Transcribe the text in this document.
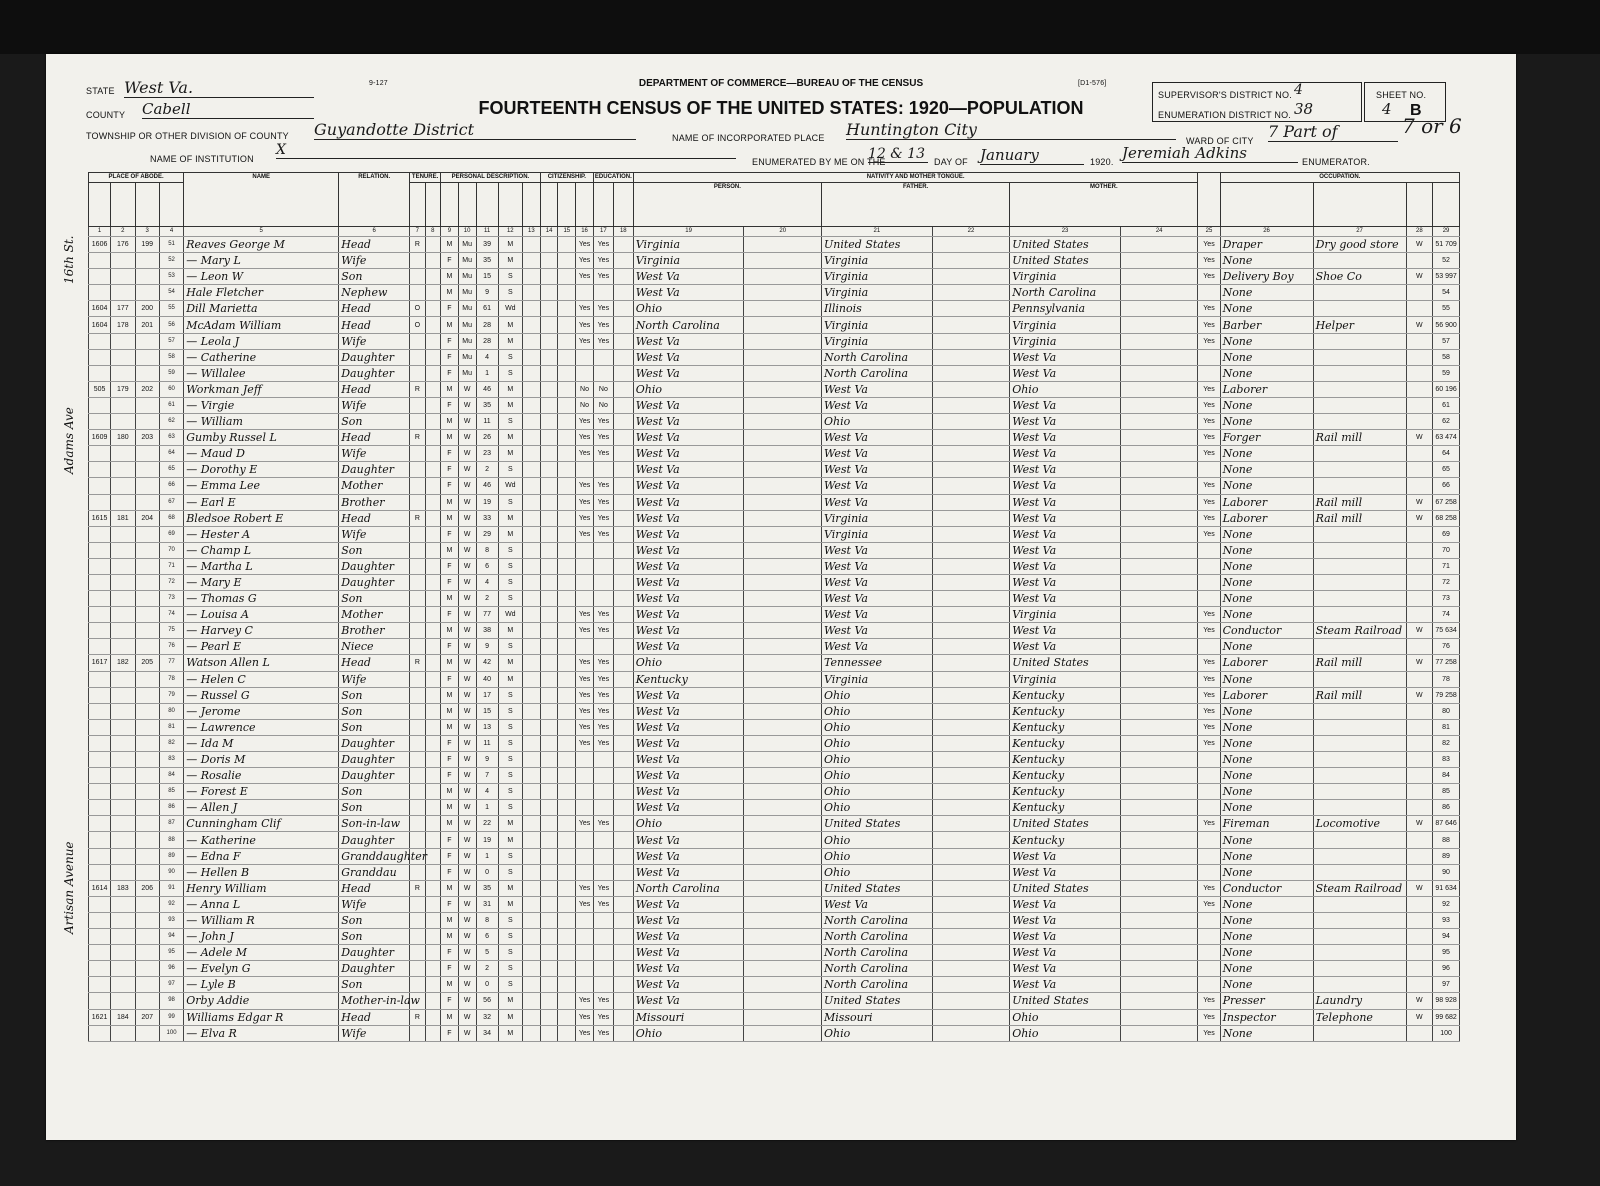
9-127	DEPARTMENT OF COMMERCE—BUREAU OF THE CENSUS	[D1-576]
FOURTEENTH CENSUS OF THE UNITED STATES: 1920—POPULATION
STATE West Va.
COUNTY Cabell
TOWNSHIP OR OTHER DIVISION OF COUNTY Guyandotte District
NAME OF INSTITUTION
X
NAME OF INCORPORATED PLACE Huntington City
ENUMERATED BY ME ON THE
12 & 13	DAY OF January	1920. Jeremiah Adkins	ENUMERATOR.
WARD OF CITY 7 Part of	7 or 6
SUPERVISOR'S DISTRICT NO. 4
ENUMERATION DISTRICT NO. 38
SHEET NO.
4 B
16th St.
Adams Ave
Artisan Avenue
PLACE OF ABODE.				NAME	RELATION.	TENURE.		PERSONAL DESCRIPTION.					CITIZENSHIP.			EDUCATION.		NATIVITY AND MOTHER TONGUE.							OCCUPATION.			
																		PERSON.		FATHER.		MOTHER.						
1	2	3	4	5	6	7	8	9	10	11	12	13	14	15	16	17	18	19	20	21	22	23	24	25	26	27	28	29
1606	176	199	51	Reaves George M	Head	R		M	Mu	39	M				Yes	Yes		Virginia		United States		United States		Yes	Draper	Dry good store	W	51 709
			52	— Mary L	Wife			F	Mu	35	M				Yes	Yes		Virginia		Virginia		United States		Yes	None			52
			53	— Leon W	Son			M	Mu	15	S				Yes	Yes		West Va		Virginia		Virginia		Yes	Delivery Boy	Shoe Co	W	53 997
			54	Hale Fletcher	Nephew			M	Mu	9	S							West Va		Virginia		North Carolina			None			54
1604	177	200	55	Dill Marietta	Head	O		F	Mu	61	Wd				Yes	Yes		Ohio		Illinois		Pennsylvania		Yes	None			55
1604	178	201	56	McAdam William	Head	O		M	Mu	28	M				Yes	Yes		North Carolina		Virginia		Virginia		Yes	Barber	Helper	W	56 900
			57	— Leola J	Wife			F	Mu	28	M				Yes	Yes		West Va		Virginia		Virginia		Yes	None			57
			58	— Catherine	Daughter			F	Mu	4	S							West Va		North Carolina		West Va			None			58
			59	— Willalee	Daughter			F	Mu	1	S							West Va		North Carolina		West Va			None			59
505	179	202	60	Workman Jeff	Head	R		M	W	46	M				No	No		Ohio		West Va		Ohio		Yes	Laborer			60 196
			61	— Virgie	Wife			F	W	35	M				No	No		West Va		West Va		West Va		Yes	None			61
			62	— William	Son			M	W	11	S				Yes	Yes		West Va		Ohio		West Va		Yes	None			62
1609	180	203	63	Gumby Russel L	Head	R		M	W	26	M				Yes	Yes		West Va		West Va		West Va		Yes	Forger	Rail mill	W	63 474
			64	— Maud D	Wife			F	W	23	M				Yes	Yes		West Va		West Va		West Va		Yes	None			64
			65	— Dorothy E	Daughter			F	W	2	S							West Va		West Va		West Va			None			65
			66	— Emma Lee	Mother			F	W	46	Wd				Yes	Yes		West Va		West Va		West Va		Yes	None			66
			67	— Earl E	Brother			M	W	19	S				Yes	Yes		West Va		West Va		West Va		Yes	Laborer	Rail mill	W	67 258
1615	181	204	68	Bledsoe Robert E	Head	R		M	W	33	M				Yes	Yes		West Va		Virginia		West Va		Yes	Laborer	Rail mill	W	68 258
			69	— Hester A	Wife			F	W	29	M				Yes	Yes		West Va		Virginia		West Va		Yes	None			69
			70	— Champ L	Son			M	W	8	S							West Va		West Va		West Va			None			70
			71	— Martha L	Daughter			F	W	6	S							West Va		West Va		West Va			None			71
			72	— Mary E	Daughter			F	W	4	S							West Va		West Va		West Va			None			72
			73	— Thomas G	Son			M	W	2	S							West Va		West Va		West Va			None			73
			74	— Louisa A	Mother			F	W	77	Wd				Yes	Yes		West Va		West Va		Virginia		Yes	None			74
			75	— Harvey C	Brother			M	W	38	M				Yes	Yes		West Va		West Va		West Va		Yes	Conductor	Steam Railroad	W	75 634
			76	— Pearl E	Niece			F	W	9	S							West Va		West Va		West Va			None			76
1617	182	205	77	Watson Allen L	Head	R		M	W	42	M				Yes	Yes		Ohio		Tennessee		United States		Yes	Laborer	Rail mill	W	77 258
			78	— Helen C	Wife			F	W	40	M				Yes	Yes		Kentucky		Virginia		Virginia		Yes	None			78
			79	— Russel G	Son			M	W	17	S				Yes	Yes		West Va		Ohio		Kentucky		Yes	Laborer	Rail mill	W	79 258
			80	— Jerome	Son			M	W	15	S				Yes	Yes		West Va		Ohio		Kentucky		Yes	None			80
			81	— Lawrence	Son			M	W	13	S				Yes	Yes		West Va		Ohio		Kentucky		Yes	None			81
			82	— Ida M	Daughter			F	W	11	S				Yes	Yes		West Va		Ohio		Kentucky		Yes	None			82
			83	— Doris M	Daughter			F	W	9	S							West Va		Ohio		Kentucky			None			83
			84	— Rosalie	Daughter			F	W	7	S							West Va		Ohio		Kentucky			None			84
			85	— Forest E	Son			M	W	4	S							West Va		Ohio		Kentucky			None			85
			86	— Allen J	Son			M	W	1	S							West Va		Ohio		Kentucky			None			86
			87	Cunningham Clif	Son-in-law			M	W	22	M				Yes	Yes		Ohio		United States		United States		Yes	Fireman	Locomotive	W	87 646
			88	— Katherine	Daughter			F	W	19	M							West Va		Ohio		Kentucky			None			88
			89	— Edna F	Granddaughter			F	W	1	S							West Va		Ohio		West Va			None			89
			90	— Hellen B	Granddau			F	W	0	S							West Va		Ohio		West Va			None			90
1614	183	206	91	Henry William	Head	R		M	W	35	M				Yes	Yes		North Carolina		United States		United States		Yes	Conductor	Steam Railroad	W	91 634
			92	— Anna L	Wife			F	W	31	M				Yes	Yes		West Va		West Va		West Va		Yes	None			92
			93	— William R	Son			M	W	8	S							West Va		North Carolina		West Va			None			93
			94	— John J	Son			M	W	6	S							West Va		North Carolina		West Va			None			94
			95	— Adele M	Daughter			F	W	5	S							West Va		North Carolina		West Va			None			95
			96	— Evelyn G	Daughter			F	W	2	S							West Va		North Carolina		West Va			None			96
			97	— Lyle B	Son			M	W	0	S							West Va		North Carolina		West Va			None			97
			98	Orby Addie	Mother-in-law			F	W	56	M				Yes	Yes		West Va		United States		United States		Yes	Presser	Laundry	W	98 928
1621	184	207	99	Williams Edgar R	Head	R		M	W	32	M				Yes	Yes		Missouri		Missouri		Ohio		Yes	Inspector	Telephone	W	99 682
			100	— Elva R	Wife			F	W	34	M				Yes	Yes		Ohio		Ohio		Ohio		Yes	None			100
